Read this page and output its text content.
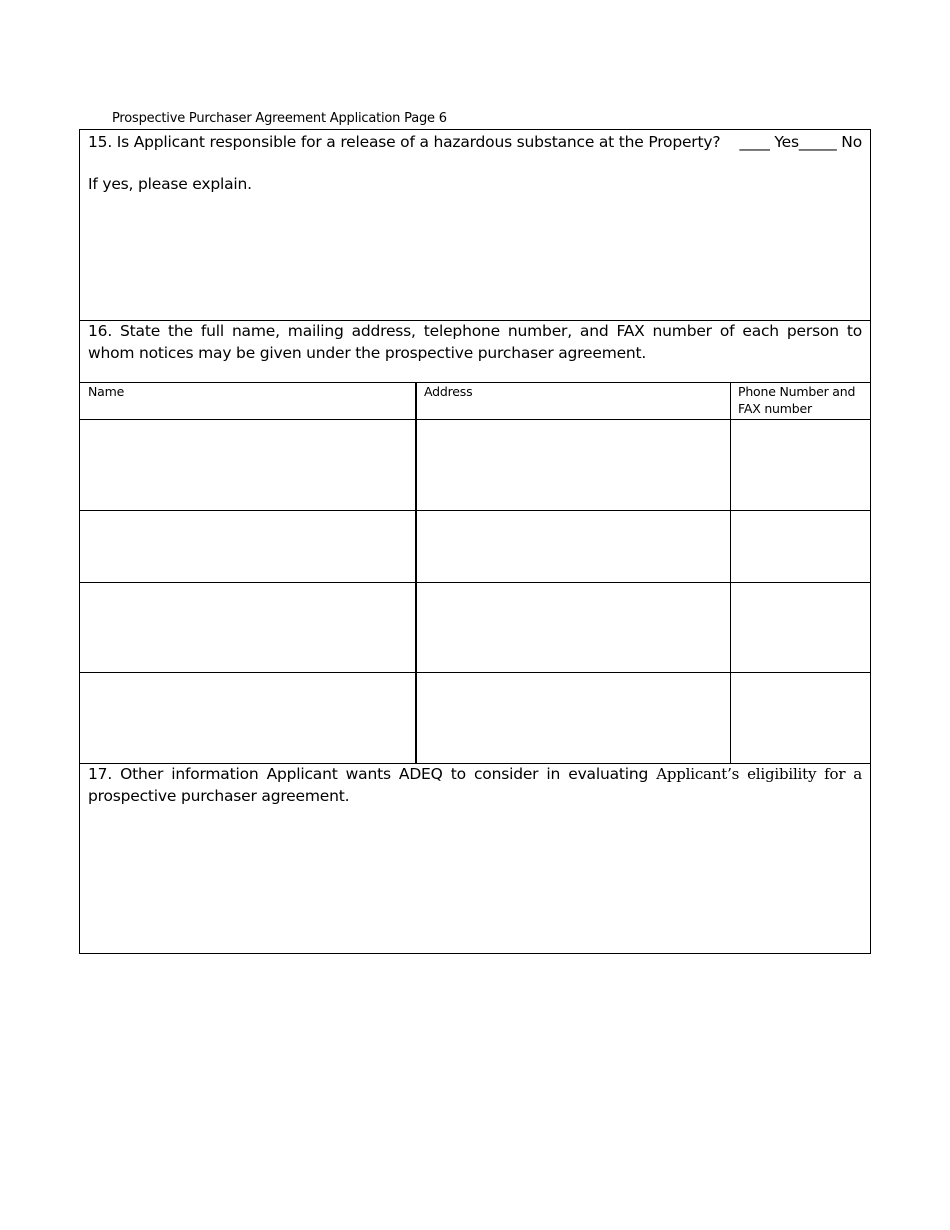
Prospective Purchaser Agreement Application Page 6
15. Is Applicant responsible for a release of a hazardous substance at the Property? ____ Yes_____ No
If yes, please explain.
16. State the full name, mailing address, telephone number, and FAX number of each person to whom notices may be given under the prospective purchaser agreement.
Name	Address	Phone Number and FAX number
17. Other information Applicant wants ADEQ to consider in evaluating Applicant’s eligibility for a prospective purchaser agreement.
